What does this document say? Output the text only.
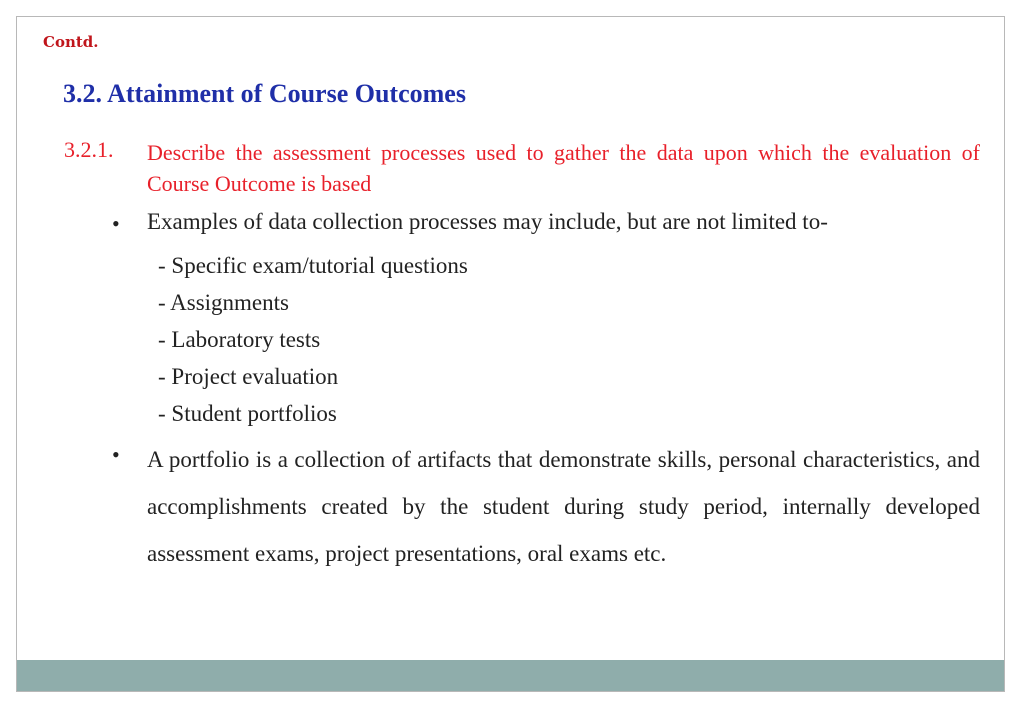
Contd.
3.2. Attainment of Course Outcomes
3.2.1. Describe the assessment processes used to gather the data upon which the evaluation of Course Outcome is based
• Examples of data collection processes may include, but are not limited to-
- Specific exam/tutorial questions
- Assignments
- Laboratory tests
- Project evaluation
- Student portfolios
• A portfolio is a collection of artifacts that demonstrate skills, personal characteristics, and accomplishments created by the student during study period, internally developed assessment exams, project presentations, oral exams etc.
